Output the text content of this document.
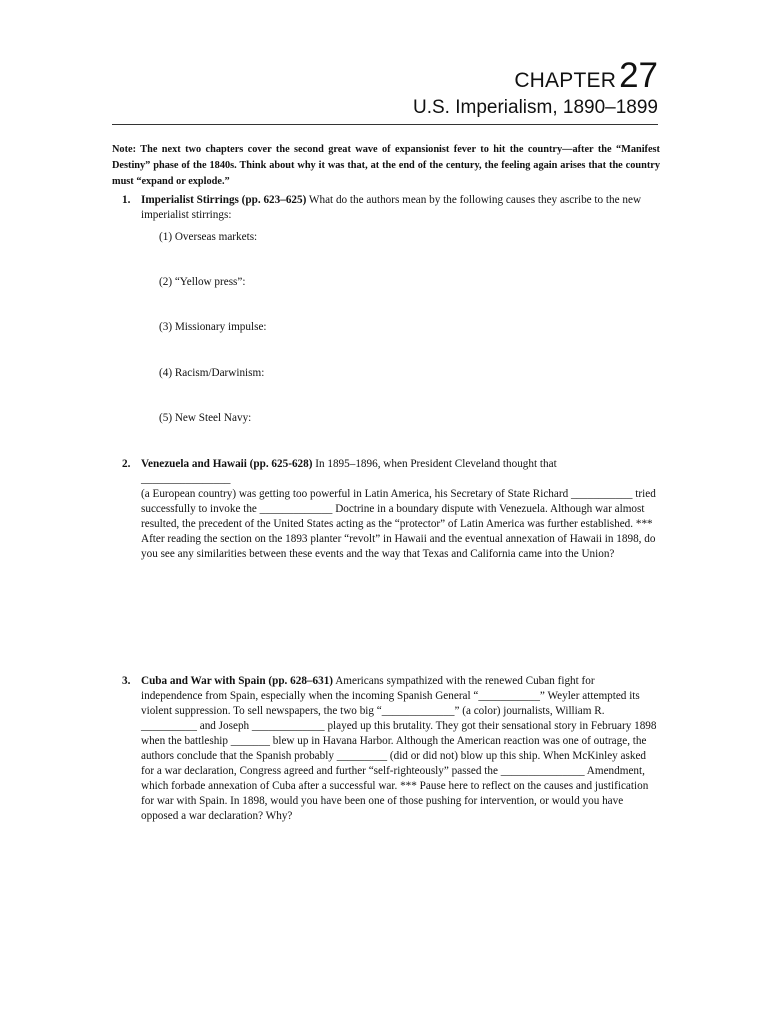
CHAPTER27
U.S. Imperialism, 1890–1899
Note: The next two chapters cover the second great wave of expansionist fever to hit the country—after the “Manifest Destiny” phase of the 1840s. Think about why it was that, at the end of the century, the feeling again arises that the country must “expand or explode.”
1. Imperialist Stirrings (pp. 623–625) What do the authors mean by the following causes they ascribe to the new imperialist stirrings:
(1) Overseas markets:
(2) “Yellow press”:
(3) Missionary impulse:
(4) Racism/Darwinism:
(5) New Steel Navy:
2. Venezuela and Hawaii (pp. 625-628) In 1895–1896, when President Cleveland thought that
________________
(a European country) was getting too powerful in Latin America, his Secretary of State Richard ___________ tried successfully to invoke the _____________ Doctrine in a boundary dispute with Venezuela. Although war almost resulted, the precedent of the United States acting as the “protector” of Latin America was further established. *** After reading the section on the 1893 planter “revolt” in Hawaii and the eventual annexation of Hawaii in 1898, do you see any similarities between these events and the way that Texas and California came into the Union?
3. Cuba and War with Spain (pp. 628–631) Americans sympathized with the renewed Cuban fight for independence from Spain, especially when the incoming Spanish General “___________” Weyler attempted its violent suppression. To sell newspapers, the two big “_____________” (a color) journalists, William R. __________ and Joseph _____________ played up this brutality. They got their sensational story in February 1898 when the battleship _______ blew up in Havana Harbor. Although the American reaction was one of outrage, the authors conclude that the Spanish probably _________ (did or did not) blow up this ship. When McKinley asked for a war declaration, Congress agreed and further “self-righteously” passed the _______________ Amendment, which forbade annexation of Cuba after a successful war. *** Pause here to reflect on the causes and justification for war with Spain. In 1898, would you have been one of those pushing for intervention, or would you have opposed a war declaration? Why?
